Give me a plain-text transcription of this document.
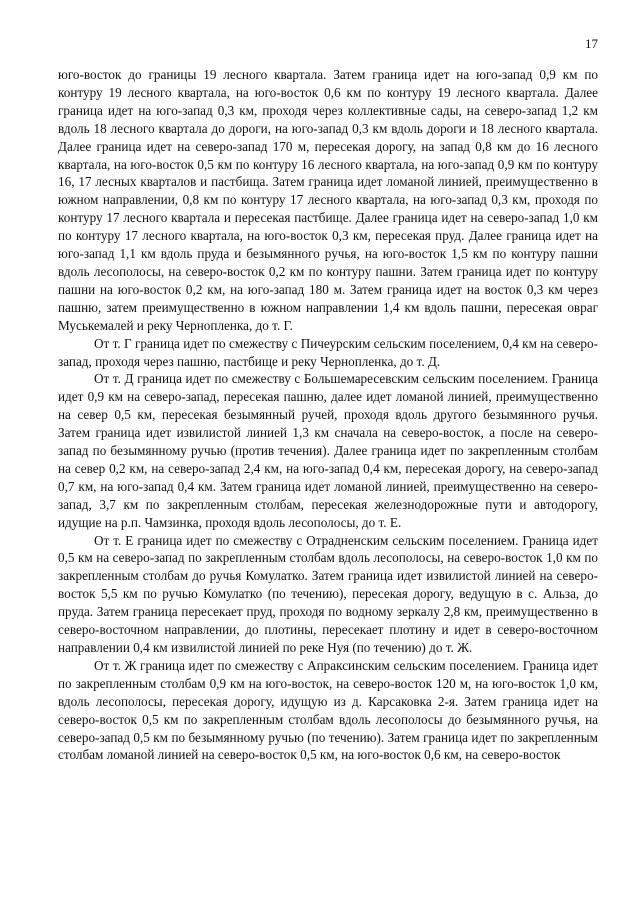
17

юго-восток до границы 19 лесного квартала. Затем граница идет на юго-запад 0,9 км по контуру 19 лесного квартала, на юго-восток 0,6 км по контуру 19 лесного квартала. Далее граница идет на юго-запад 0,3 км, проходя через коллективные сады, на северо-запад 1,2 км вдоль 18 лесного квартала до дороги, на юго-запад 0,3 км вдоль дороги и 18 лесного квартала. Далее граница идет на северо-запад 170 м, пересекая дорогу, на запад 0,8 км до 16 лесного квартала, на юго-восток 0,5 км по контуру 16 лесного квартала, на юго-запад 0,9 км по контуру 16, 17 лесных кварталов и пастбища. Затем граница идет ломаной линией, преимущественно в южном направлении, 0,8 км по контуру 17 лесного квартала, на юго-запад 0,3 км, проходя по контуру 17 лесного квартала и пересекая пастбище. Далее граница идет на северо-запад 1,0 км по контуру 17 лесного квартала, на юго-восток 0,3 км, пересекая пруд. Далее граница идет на юго-запад 1,1 км вдоль пруда и безымянного ручья, на юго-восток 1,5 км по контуру пашни вдоль лесополосы, на северо-восток 0,2 км по контуру пашни. Затем граница идет по контуру пашни на юго-восток 0,2 км, на юго-запад 180 м. Затем граница идет на восток 0,3 км через пашню, затем преимущественно в южном направлении 1,4 км вдоль пашни, пересекая овраг Муськемалей и реку Чернопленка, до т. Г.

От т. Г граница идет по смежеству с Пичеурским сельским поселением, 0,4 км на северо-запад, проходя через пашню, пастбище и реку Чернопленка, до т. Д.

От т. Д граница идет по смежеству с Большемаресевским сельским поселением. Граница идет 0,9 км на северо-запад, пересекая пашню, далее идет ломаной линией, преимущественно на север 0,5 км, пересекая безымянный ручей, проходя вдоль другого безымянного ручья. Затем граница идет извилистой линией 1,3 км сначала на северо-восток, а после на северо-запад по безымянному ручью (против течения). Далее граница идет по закрепленным столбам на север 0,2 км, на северо-запад 2,4 км, на юго-запад 0,4 км, пересекая дорогу, на северо-запад 0,7 км, на юго-запад 0,4 км. Затем граница идет ломаной линией, преимущественно на северо-запад, 3,7 км по закрепленным столбам, пересекая железнодорожные пути и автодорогу, идущие на р.п. Чамзинка, проходя вдоль лесополосы, до т. Е.

От т. Е граница идет по смежеству с Отрадненским сельским поселением. Граница идет 0,5 км на северо-запад по закрепленным столбам вдоль лесополосы, на северо-восток 1,0 км по закрепленным столбам до ручья Комулатко. Затем граница идет извилистой линией на северо-восток 5,5 км по ручью Комулатко (по течению), пересекая дорогу, ведущую в с. Альза, до пруда. Затем граница пересекает пруд, проходя по водному зеркалу 2,8 км, преимущественно в северо-восточном направлении, до плотины, пересекает плотину и идет в северо-восточном направлении 0,4 км извилистой линией по реке Нуя (по течению) до т. Ж.

От т. Ж граница идет по смежеству с Апраксинским сельским поселением. Граница идет по закрепленным столбам 0,9 км на юго-восток, на северо-восток 120 м, на юго-восток 1,0 км, вдоль лесополосы, пересекая дорогу, идущую из д. Карсаковка 2-я. Затем граница идет на северо-восток 0,5 км по закрепленным столбам вдоль лесополосы до безымянного ручья, на северо-запад 0,5 км по безымянному ручью (по течению). Затем граница идет по закрепленным столбам ломаной линией на северо-восток 0,5 км, на юго-восток 0,6 км, на северо-восток
